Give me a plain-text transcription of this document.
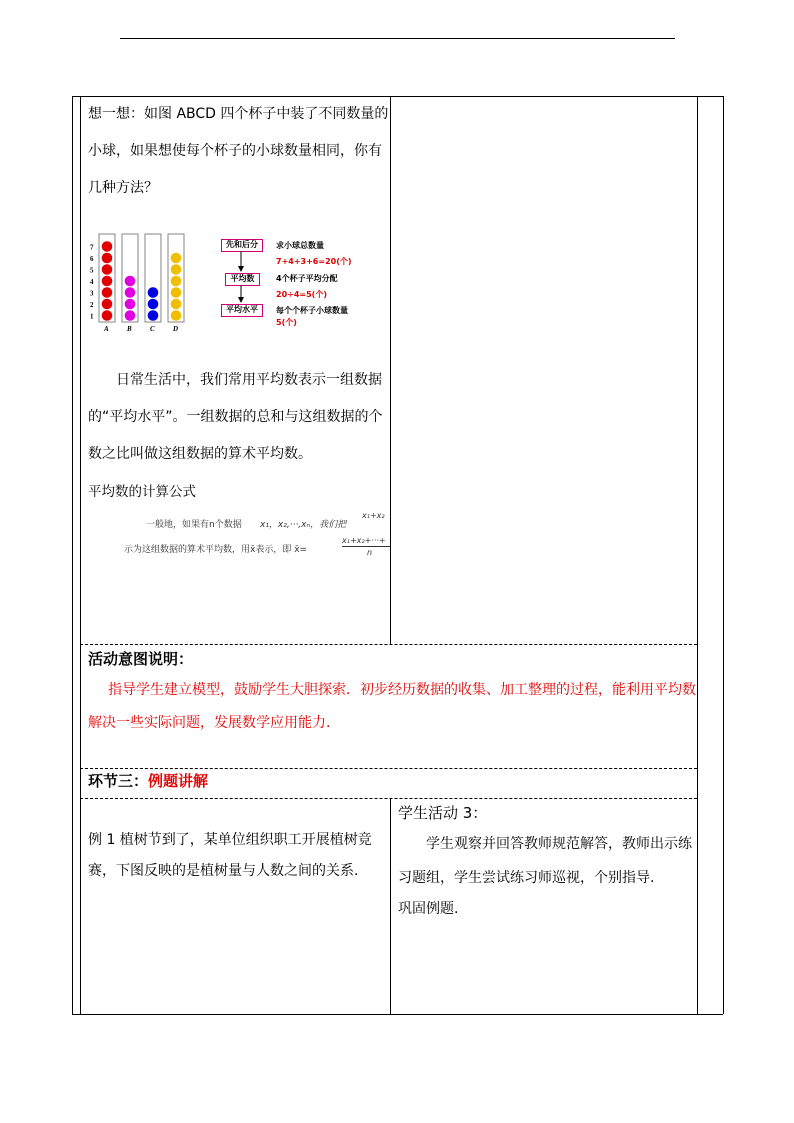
想一想：如图 ABCD 四个杯子中装了不同数量的
小球，如果想使每个杯子的小球数量相同，你有
几种方法？
7
6
5
4
3
2
1
A	B	C	D
先和后分
平均数
平均水平
求小球总数量
7+4+3+6=20(个)
4个杯子平均分配
20÷4=5(个)
每个个杯子小球数量
5(个)
日常生活中，我们常用平均数表示一组数据
的“平均水平”。一组数据的总和与这组数据的个
数之比叫做这组数据的算术平均数。
平均数的计算公式
一般地，如果有n个数据 x₁，x₂,···,xₙ，我们把
x₁+x₂
示为这组数据的算术平均数，用x̄表示，即 x̄=
x₁+x₂+···+
n
活动意图说明：
指导学生建立模型，鼓励学生大胆探索．初步经历数据的收集、加工整理的过程，能利用平均数
解决一些实际问题，发展数学应用能力.
环节三：例题讲解
例 1 植树节到了，某单位组织职工开展植树竞
赛，下图反映的是植树量与人数之间的关系.
学生活动 3：
学生观察并回答教师规范解答，教师出示练
习题组，学生尝试练习师巡视，个别指导.
巩固例题.
